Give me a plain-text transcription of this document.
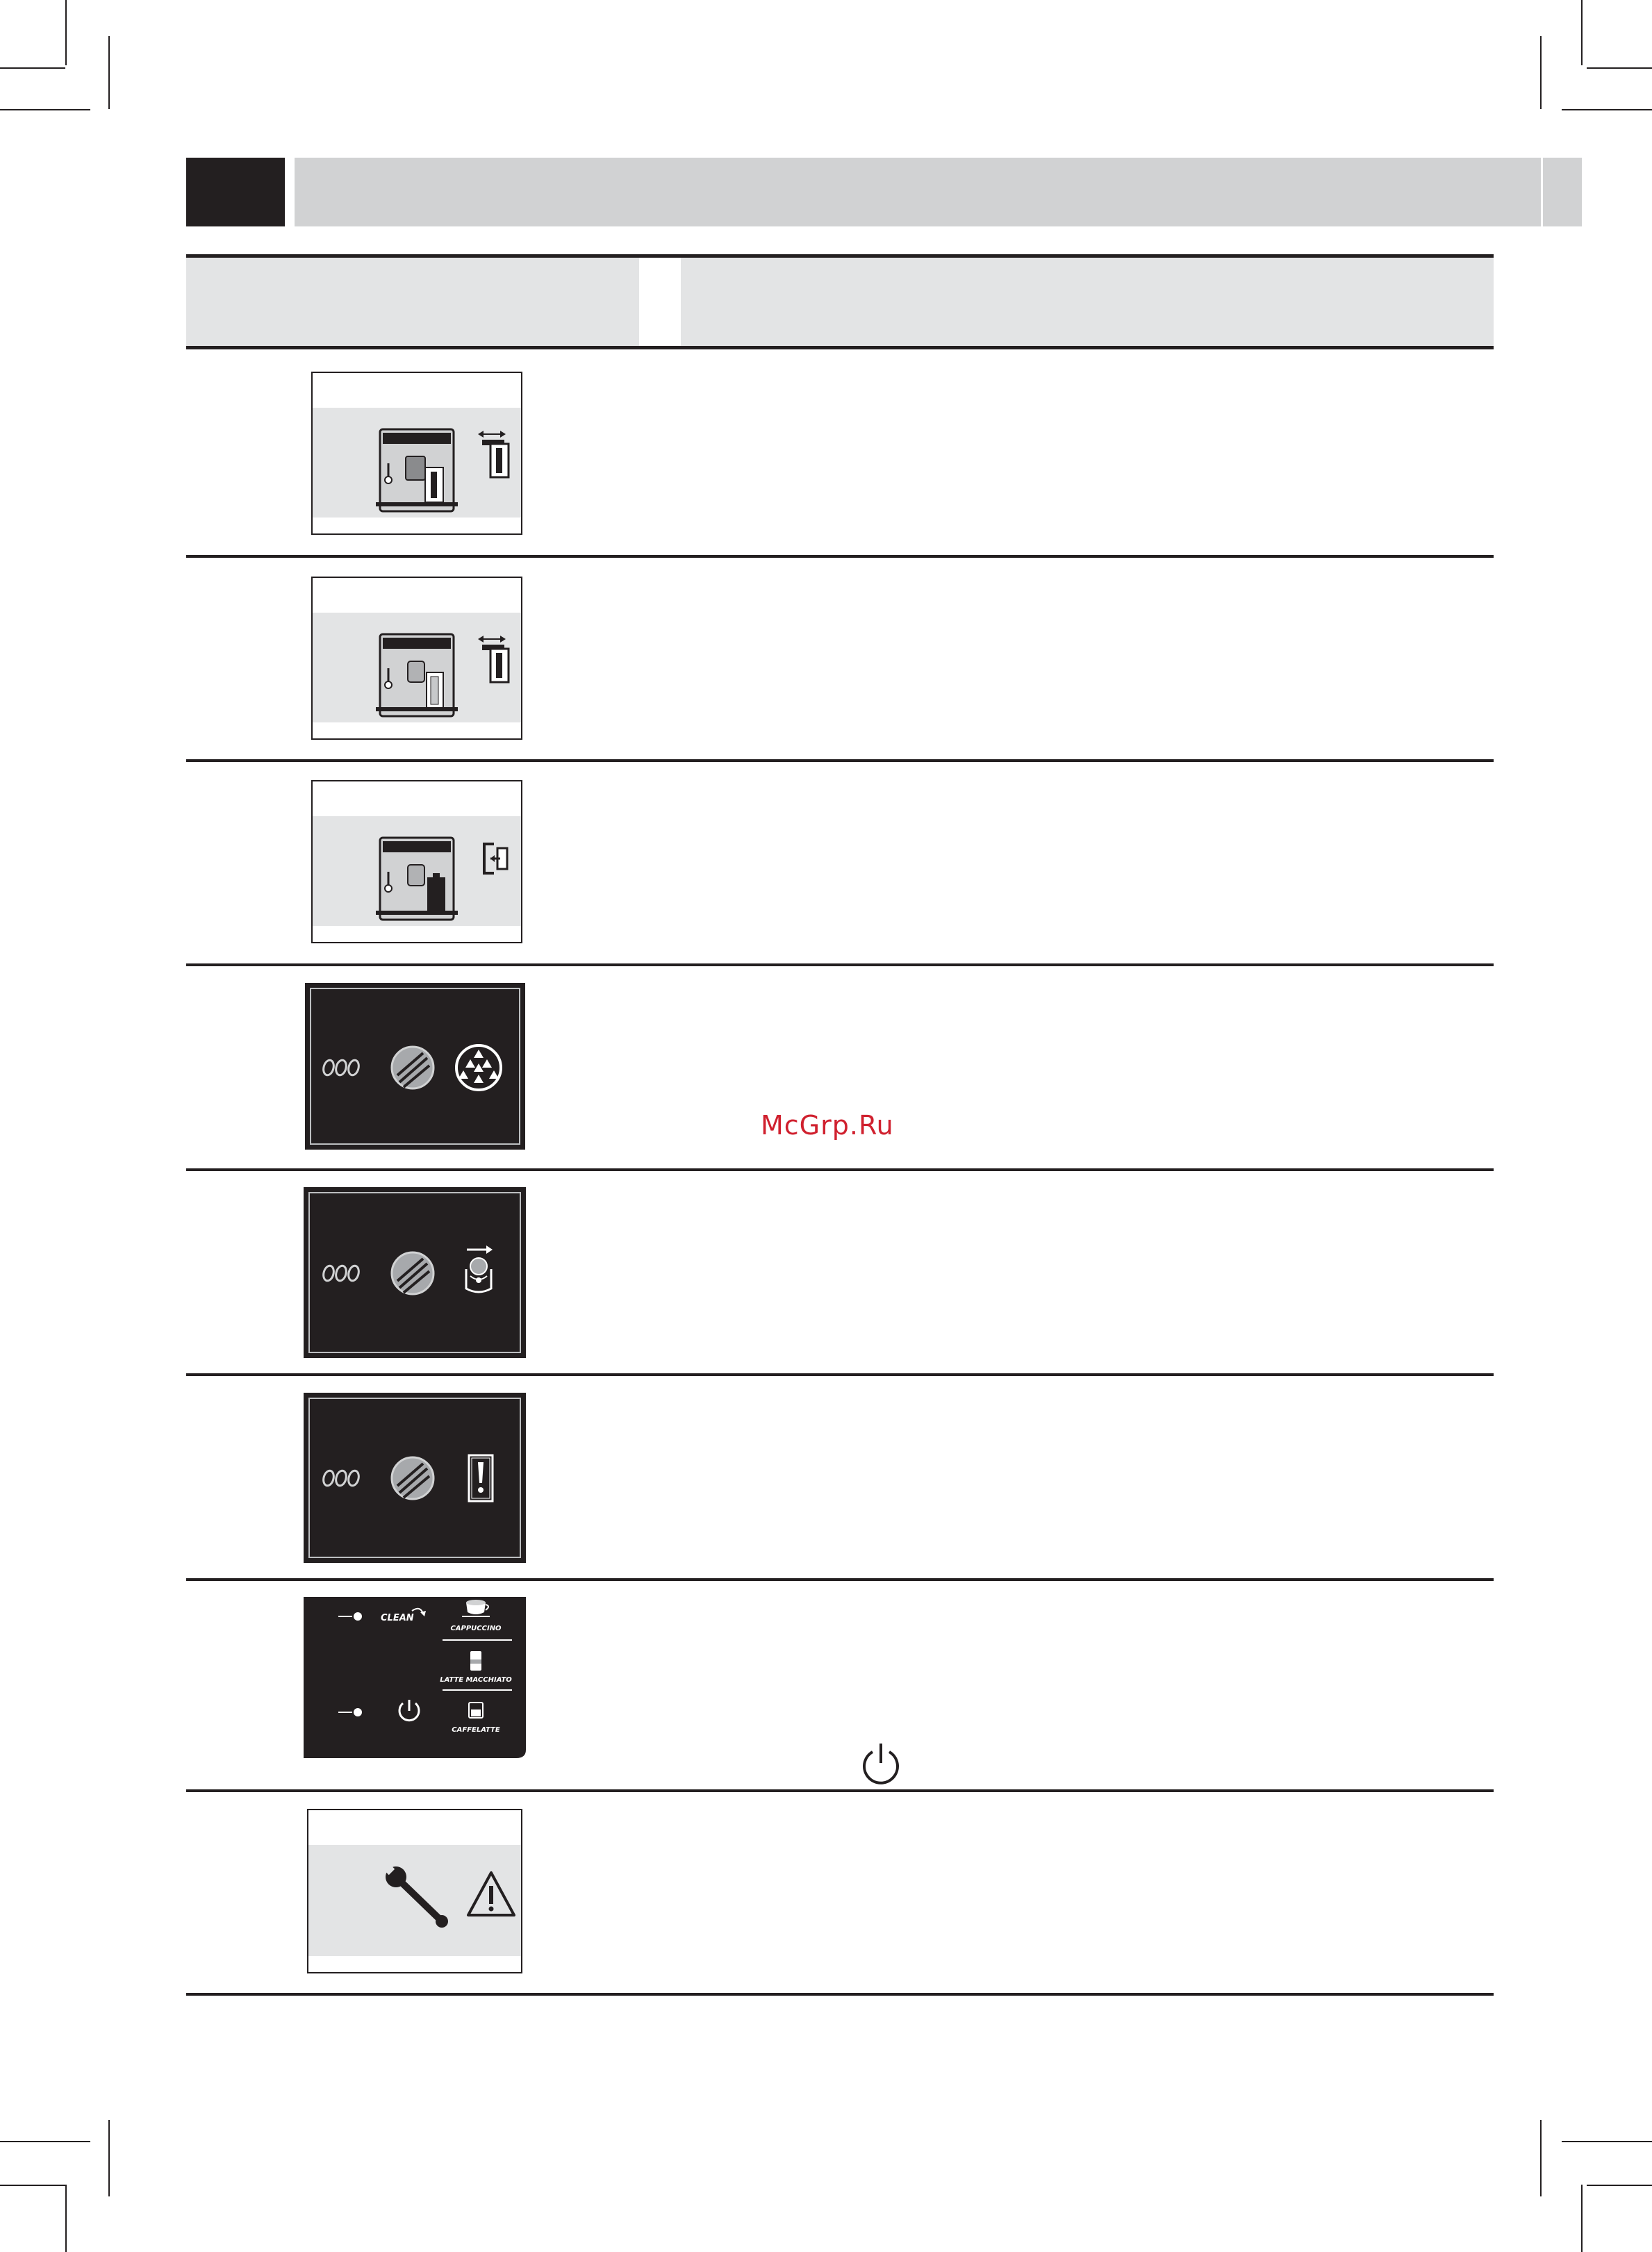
McGrp.Ru
CLEAN
CAPPUCCINO
LATTE MACCHIATO
CAFFELATTE
